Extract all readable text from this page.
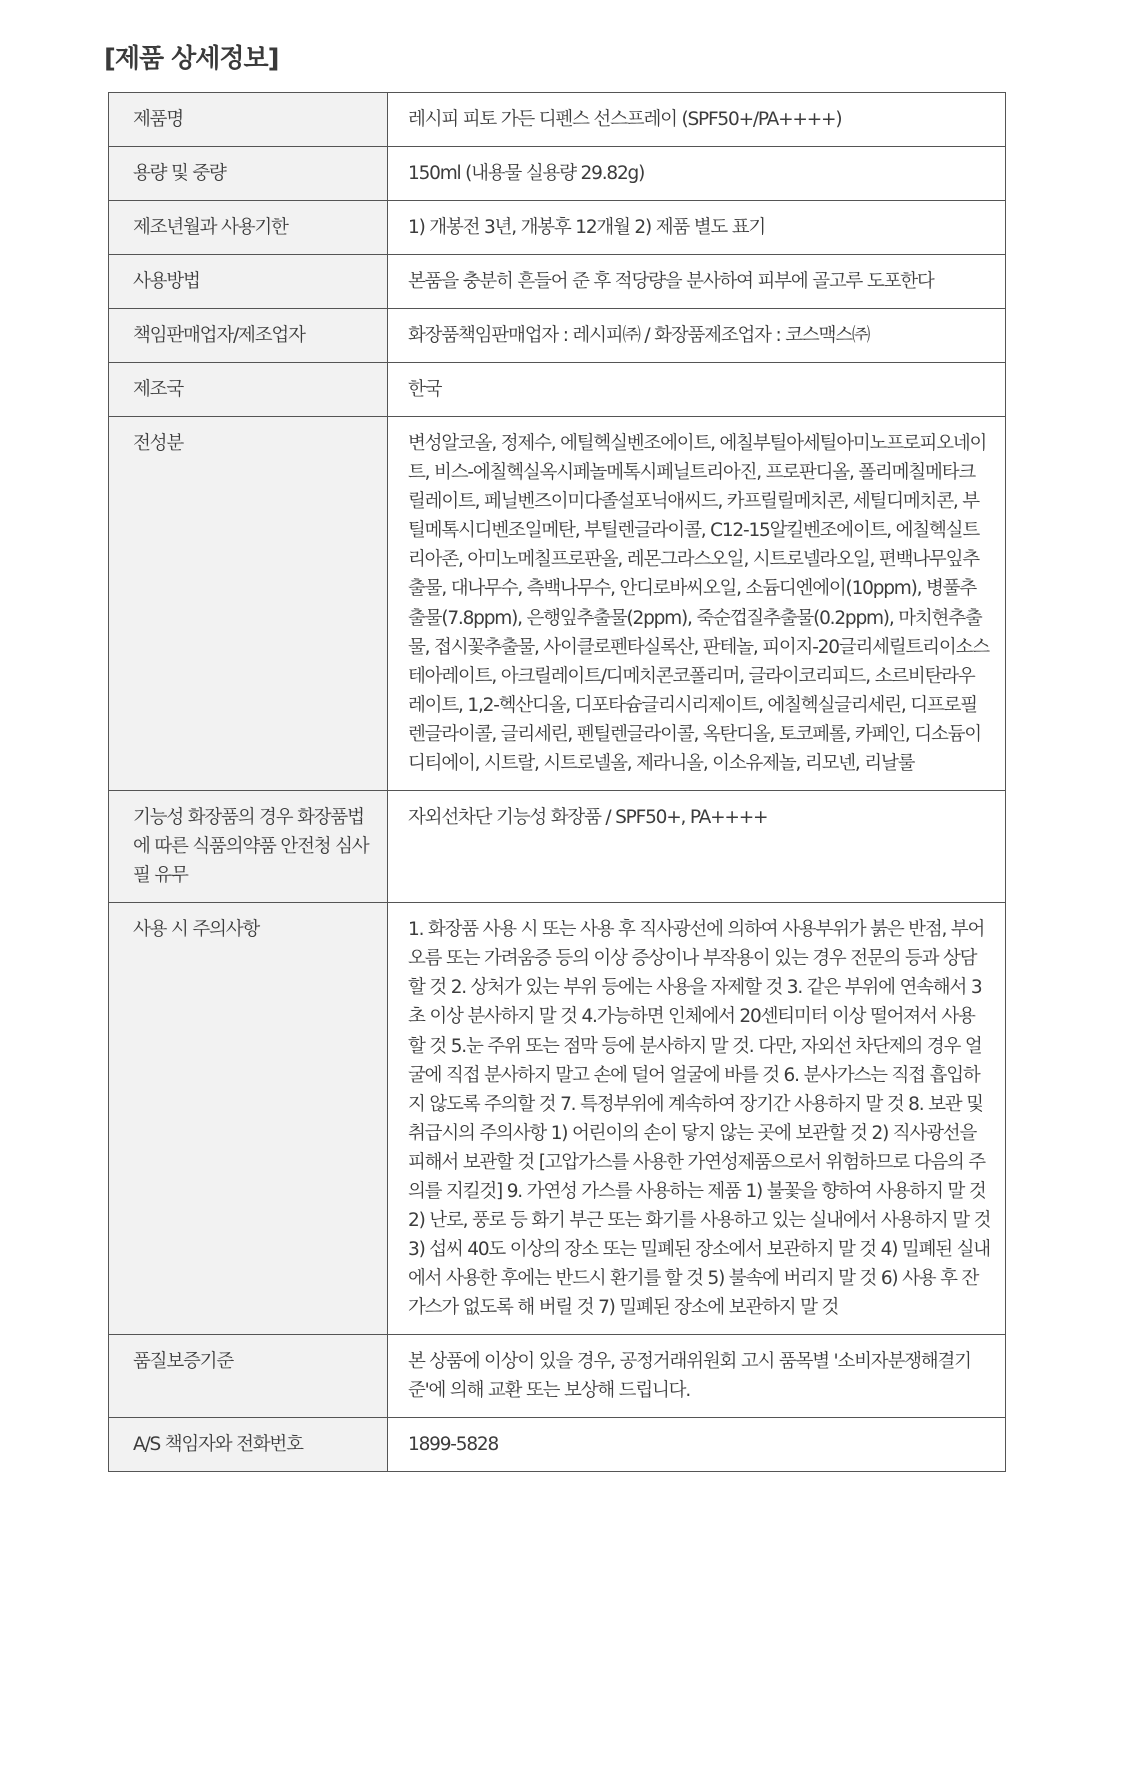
[제품 상세정보]
제품명	레시피 피토 가든 디펜스 선스프레이 (SPF50+/PA++++)
용량 및 중량	150ml (내용물 실용량 29.82g)
제조년월과 사용기한	1) 개봉전 3년, 개봉후 12개월 2) 제품 별도 표기
사용방법	본품을 충분히 흔들어 준 후 적당량을 분사하여 피부에 골고루 도포한다
책임판매업자/제조업자	화장품책임판매업자 : 레시피㈜ / 화장품제조업자 : 코스맥스㈜
제조국	한국
전성분	변성알코올, 정제수, 에틸헥실벤조에이트, 에칠부틸아세틸아미노프로피오네이트, 비스-에칠헥실옥시페놀메톡시페닐트리아진, 프로판디올, 폴리메칠메타크릴레이트, 페닐벤즈이미다졸설포닉애씨드, 카프릴릴메치콘, 세틸디메치콘, 부틸메톡시디벤조일메탄, 부틸렌글라이콜, C12-15알킬벤조에이트, 에칠헥실트리아존, 아미노메칠프로판올, 레몬그라스오일, 시트로넬라오일, 편백나무잎추출물, 대나무수, 측백나무수, 안디로바씨오일, 소듐디엔에이(10ppm), 병풀추출물(7.8ppm), 은행잎추출물(2ppm), 죽순껍질추출물(0.2ppm), 마치현추출물, 접시꽃추출물, 사이클로펜타실록산, 판테놀, 피이지-20글리세릴트리이소스테아레이트, 아크릴레이트/디메치콘코폴리머, 글라이코리피드, 소르비탄라우레이트, 1,2-헥산디올, 디포타슘글리시리제이트, 에칠헥실글리세린, 디프로필렌글라이콜, 글리세린, 펜틸렌글라이콜, 옥탄디올, 토코페롤, 카페인, 디소듐이디티에이, 시트랄, 시트로넬올, 제라니올, 이소유제놀, 리모넨, 리날룰
기능성 화장품의 경우 화장품법에 따른 식품의약품 안전청 심사 필 유무	자외선차단 기능성 화장품 / SPF50+, PA++++
사용 시 주의사항	1. 화장품 사용 시 또는 사용 후 직사광선에 의하여 사용부위가 붉은 반점, 부어오름 또는 가려움증 등의 이상 증상이나 부작용이 있는 경우 전문의 등과 상담할 것 2. 상처가 있는 부위 등에는 사용을 자제할 것 3. 같은 부위에 연속해서 3초 이상 분사하지 말 것 4.가능하면 인체에서 20센티미터 이상 떨어져서 사용할 것 5.눈 주위 또는 점막 등에 분사하지 말 것. 다만, 자외선 차단제의 경우 얼굴에 직접 분사하지 말고 손에 덜어 얼굴에 바를 것 6. 분사가스는 직접 흡입하지 않도록 주의할 것 7. 특정부위에 계속하여 장기간 사용하지 말 것 8. 보관 및 취급시의 주의사항 1) 어린이의 손이 닿지 않는 곳에 보관할 것 2) 직사광선을 피해서 보관할 것 [고압가스를 사용한 가연성제품으로서 위험하므로 다음의 주의를 지킬것] 9. 가연성 가스를 사용하는 제품 1) 불꽃을 향하여 사용하지 말 것 2) 난로, 풍로 등 화기 부근 또는 화기를 사용하고 있는 실내에서 사용하지 말 것 3) 섭씨 40도 이상의 장소 또는 밀폐된 장소에서 보관하지 말 것 4) 밀폐된 실내에서 사용한 후에는 반드시 환기를 할 것 5) 불속에 버리지 말 것 6) 사용 후 잔 가스가 없도록 해 버릴 것 7) 밀폐된 장소에 보관하지 말 것
품질보증기준	본 상품에 이상이 있을 경우, 공정거래위원회 고시 품목별 '소비자분쟁해결기준'에 의해 교환 또는 보상해 드립니다.
A/S 책임자와 전화번호	1899-5828
